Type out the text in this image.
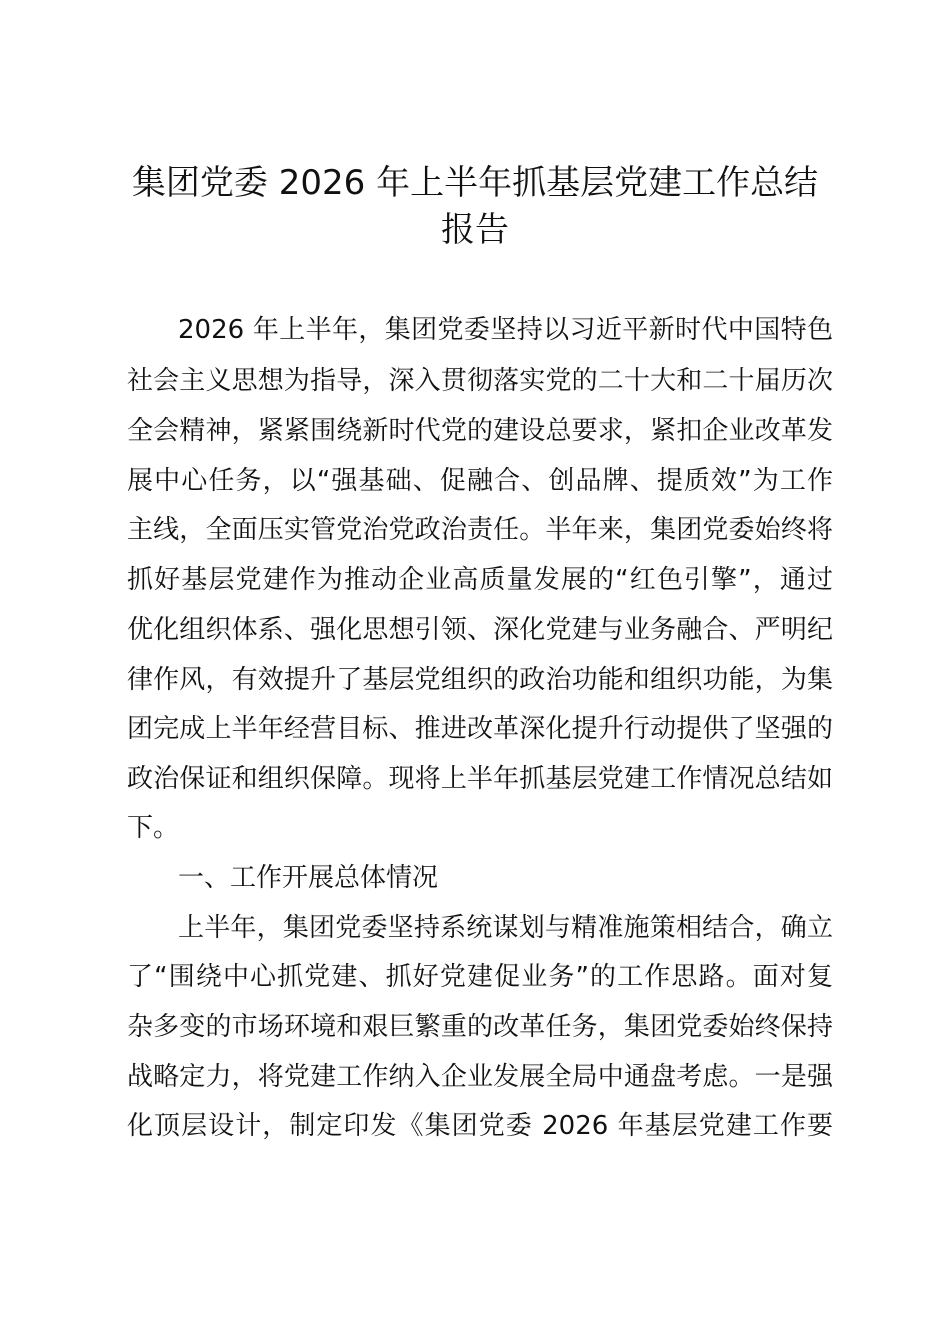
集团党委 2026 年上半年抓基层党建工作总结
报告
2026 年上半年，集团党委坚持以习近平新时代中国特色
社会主义思想为指导，深入贯彻落实党的二十大和二十届历次
全会精神，紧紧围绕新时代党的建设总要求，紧扣企业改革发
展中心任务，以“强基础、促融合、创品牌、提质效”为工作
主线，全面压实管党治党政治责任。半年来，集团党委始终将
抓好基层党建作为推动企业高质量发展的“红色引擎”，通过
优化组织体系、强化思想引领、深化党建与业务融合、严明纪
律作风，有效提升了基层党组织的政治功能和组织功能，为集
团完成上半年经营目标、推进改革深化提升行动提供了坚强的
政治保证和组织保障。现将上半年抓基层党建工作情况总结如
下。
一、工作开展总体情况
上半年，集团党委坚持系统谋划与精准施策相结合，确立
了“围绕中心抓党建、抓好党建促业务”的工作思路。面对复
杂多变的市场环境和艰巨繁重的改革任务，集团党委始终保持
战略定力，将党建工作纳入企业发展全局中通盘考虑。一是强
化顶层设计，制定印发《集团党委 2026 年基层党建工作要
